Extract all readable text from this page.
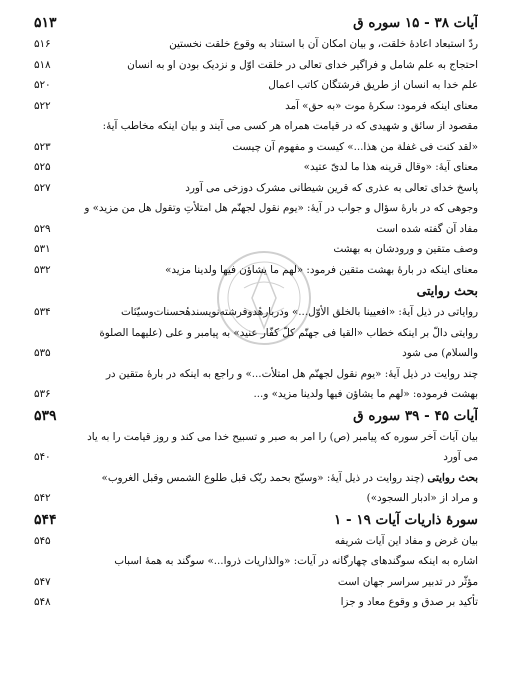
آیات ۳۸ - ۱۵ سوره ق
۵۱۳
ردّ استبعاد اعادهٔ خلقت، و بیان امکان آن با استناد به وقوع خلقت نخستین
۵۱۶
احتجاج به علم شامل و فراگیر خدای تعالی در خلقت اوّل و نزدیک بودن او به انسان
۵۱۸
علم خدا به انسان از طریق فرشتگان کاتب اعمال
۵۲۰
معنای اینکه فرمود: سکرهٔ موت «به حق» آمد
۵۲۲
مقصود از سائق و شهیدی که در قیامت همراه هر کسی می آیند و بیان اینکه مخاطب آیهٔ:
«لقد كنت فی غفلة من هذا...» کیست و مفهوم آن چیست
۵۲۳
معنای آیهٔ: «وقال قرینه هذا ما لدیّ عتید»
۵۲۵
پاسخ خدای تعالی به عذری که قرین شیطانی مشرک دوزخی می آورد
۵۲۷
وجوهی که در بارهٔ سؤال و جواب در آیهٔ: «یوم نقول لجهنّم هل امتلأتِ وتقول هل من مزید» و
مفاد آن گفته شده است
۵۲۹
وصف متقین و ورودشان به بهشت
۵۳۱
معنای اینکه در بارهٔ بهشت متقین فرمود: «لهم ما یشاؤن فیها ولدینا مزید»
۵۳۲
بحث روایتی
روایاتی در ذیل آیهٔ: «افعیینا بالخلق الأوّل...» ودربارهٔدوفرشته‌نویسندهٔحسنات‌وسیّئات
۵۳۴
روایتی دالّ بر اینکه خطاب «القیا فی جهنّم کلّ کفّار عنید» به پیامبر و علی (علیهما الصلوة
والسلام) می شود
۵۳۵
چند روایت در ذیل آیهٔ: «یوم نقول لجهنّم هل امتلأت...» و راجع به اینکه در بارهٔ متقین در
بهشت فرموده: «لهم ما یشاؤن فیها ولدینا مزید» و...
۵۳۶
آیات ۴۵ - ۳۹ سوره ق
۵۳۹
بیان آیات آخر سوره که پیامبر (ص) را امر به صبر و تسبیح خدا می کند و روز قیامت را به یاد
می آورد
۵۴۰
بحث روایتی (چند روایت در ذیل آیهٔ: «وسبّح بحمد ربّک قبل طلوع الشمس وقبل الغروب»
و مراد از «ادبار السجود»)
۵۴۲
سورهٔ ذاریات آیات ۱۹ - ۱
۵۴۴
بیان غرض و مفاد این آیات شریفه
۵۴۵
اشاره به اینکه سوگندهای چهارگانه در آیات: «والذاریات ذروا...» سوگند به همهٔ اسباب
مؤثّر در تدبیر سراسر جهان است
۵۴۷
تأکید بر صدق و وقوع معاد و جزا
۵۴۸
